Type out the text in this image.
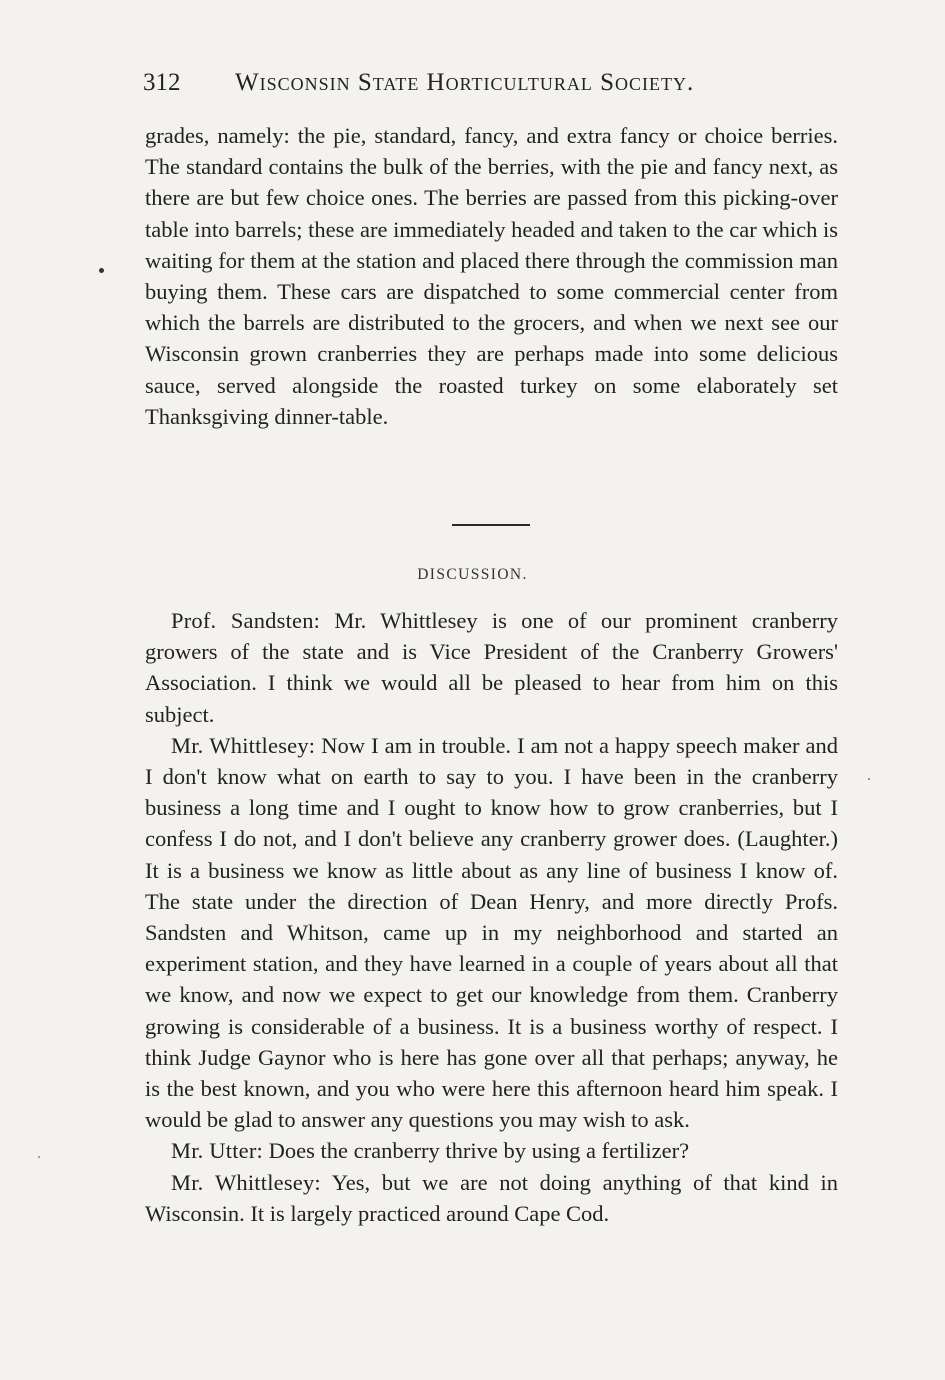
312 Wisconsin State Horticultural Society.

grades, namely: the pie, standard, fancy, and extra fancy or choice berries. The standard contains the bulk of the berries, with the pie and fancy next, as there are but few choice ones. The berries are passed from this picking-over table into barrels; these are immediately headed and taken to the car which is waiting for them at the station and placed there through the commission man buying them. These cars are dispatched to some commercial center from which the barrels are distributed to the grocers, and when we next see our Wisconsin grown cranberries they are perhaps made into some delicious sauce, served alongside the roasted turkey on some elaborately set Thanksgiving dinner-table.

DISCUSSION.

Prof. Sandsten: Mr. Whittlesey is one of our prominent cranberry growers of the state and is Vice President of the Cranberry Growers' Association. I think we would all be pleased to hear from him on this subject.

Mr. Whittlesey: Now I am in trouble. I am not a happy speech maker and I don't know what on earth to say to you. I have been in the cranberry business a long time and I ought to know how to grow cranberries, but I confess I do not, and I don't believe any cranberry grower does. (Laughter.) It is a business we know as little about as any line of business I know of. The state under the direction of Dean Henry, and more directly Profs. Sandsten and Whitson, came up in my neighborhood and started an experiment station, and they have learned in a couple of years about all that we know, and now we expect to get our knowledge from them. Cranberry growing is considerable of a business. It is a business worthy of respect. I think Judge Gaynor who is here has gone over all that perhaps; anyway, he is the best known, and you who were here this afternoon heard him speak. I would be glad to answer any questions you may wish to ask.

Mr. Utter: Does the cranberry thrive by using a fertilizer?

Mr. Whittlesey: Yes, but we are not doing anything of that kind in Wisconsin. It is largely practiced around Cape Cod.
